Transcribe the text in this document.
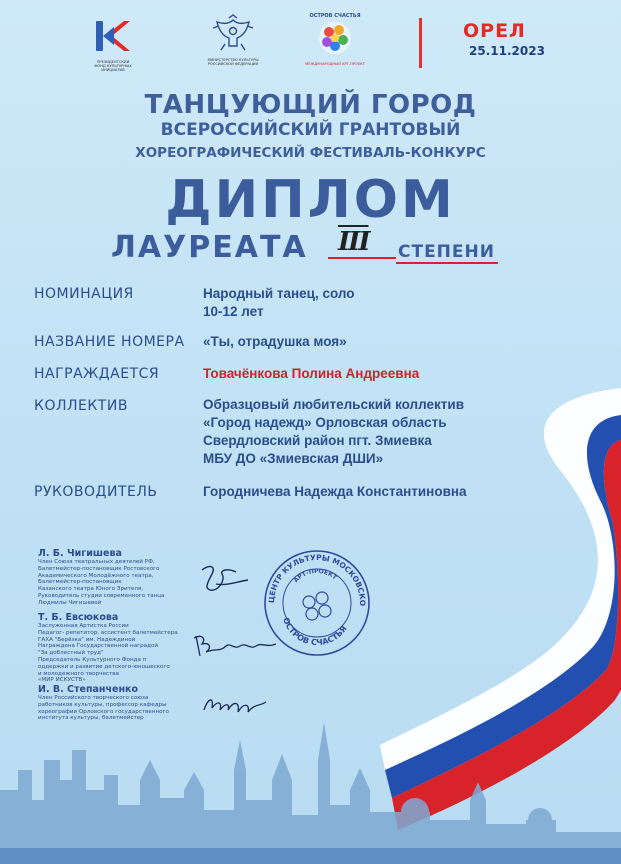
ПРЕЗИДЕНТСКИЙ ФОНД КУЛЬТУРНЫХ ИНИЦИАТИВ
МИНИСТЕРСТВО КУЛЬТУРЫ РОССИЙСКОЙ ФЕДЕРАЦИИ
ОСТРОВ СЧАСТЬЯ
МЕЖДУНАРОДНЫЙ АРТ-ПРОЕКТ
ОРЕЛ
25.11.2023
ТАНЦУЮЩИЙ ГОРОД
ВСЕРОССИЙСКИЙ ГРАНТОВЫЙ
ХОРЕОГРАФИЧЕСКИЙ ФЕСТИВАЛЬ-КОНКУРС
ДИПЛОМ
ЛАУРЕАТА $\overline{III}$ СТЕПЕНИ
НОМИНАЦИЯ	Народный танец, соло
10-12 лет
НАЗВАНИЕ НОМЕРА «Ты, отрадушка моя»
НАГРАЖДАЕТСЯ	Товачёнкова Полина Андреевна
КОЛЛЕКТИВ	Образцовый любительский коллектив
«Город надежд» Орловская область
Свердловский район пгт. Змиевка
МБУ ДО «Змиевская ДШИ»
РУКОВОДИТЕЛЬ	Городничева Надежда Константиновна
Л. Б. Чигишева
Член Союза театральных деятелей РФ,
Балетмейстер-постановщик Ростовского
Академического Молодёжного театра,
Балетмейстер-постановщик
Казанского театра Юного Зрителя,
Руководитель студии современного танца
Людмилы Чигишевой
Т. Б. Евсюкова
Заслуженная Артистка России
Педагог- репетитор, ассистент балетмейстера
ГАХА "Берёзка" им. Надеждиной
Награждена Государственной наградой
"За доблестный труд"
Председатель Культурного Фонда п
оддержки и развитие детского-юношеского
и молодежного творчества
«МИР ИСКУСТВ»
И. В. Степанченко
Член Российского творческого союза
работников культуры, профессор кафедры
хореографии Орловского государственного
института культуры, балетмейстер
ЦЕНТР КУЛЬТУРЫ МОСКОВСКО
АРТ-ПРОЕКТ
ОСТРОВ СЧАСТЬЯ
